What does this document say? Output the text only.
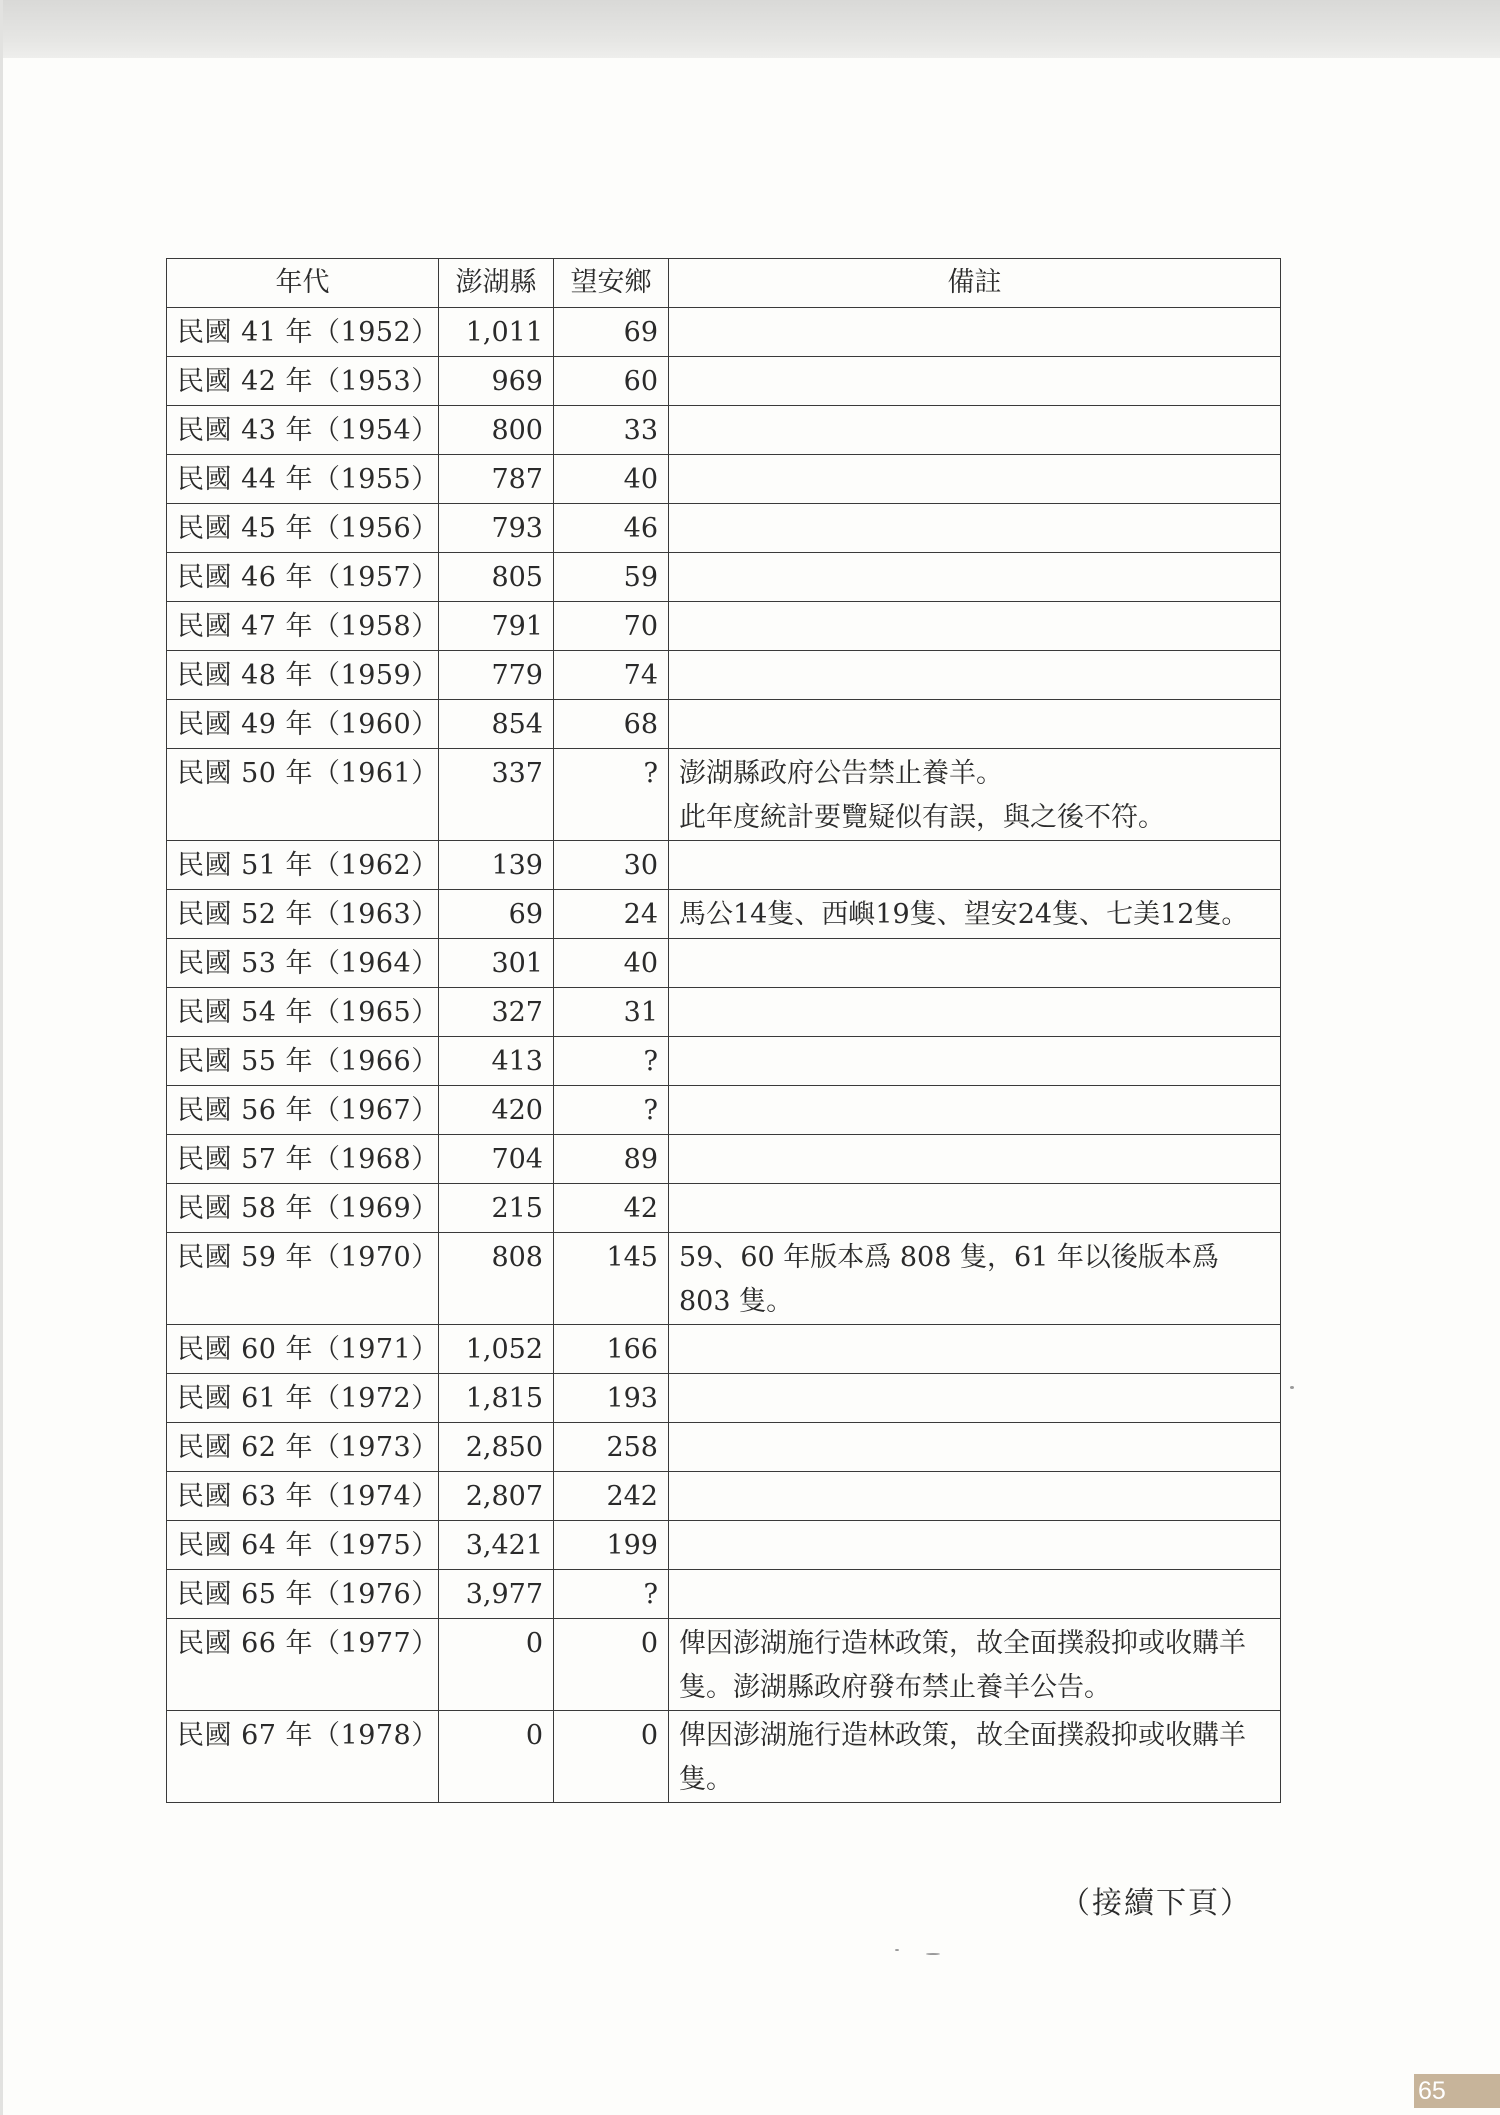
年代	澎湖縣	望安鄉	備註
民國 41 年（1952）	1,011	69	
民國 42 年（1953）	969	60	
民國 43 年（1954）	800	33	
民國 44 年（1955）	787	40	
民國 45 年（1956）	793	46	
民國 46 年（1957）	805	59	
民國 47 年（1958）	791	70	
民國 48 年（1959）	779	74	
民國 49 年（1960）	854	68	
民國 50 年（1961）	337	?	澎湖縣政府公告禁止養羊。
此年度統計要覽疑似有誤，與之後不符。
民國 51 年（1962）	139	30	
民國 52 年（1963）	69	24	馬公14隻、西嶼19隻、望安24隻、七美12隻。
民國 53 年（1964）	301	40	
民國 54 年（1965）	327	31	
民國 55 年（1966）	413	?	
民國 56 年（1967）	420	?	
民國 57 年（1968）	704	89	
民國 58 年（1969）	215	42	
民國 59 年（1970）	808	145	59、60 年版本爲 808 隻，61 年以後版本爲 803 隻。
民國 60 年（1971）	1,052	166	
民國 61 年（1972）	1,815	193	
民國 62 年（1973）	2,850	258	
民國 63 年（1974）	2,807	242	
民國 64 年（1975）	3,421	199	
民國 65 年（1976）	3,977	?	
民國 66 年（1977）	0	0	俾因澎湖施行造林政策，故全面撲殺抑或收購羊隻。澎湖縣政府發布禁止養羊公告。
民國 67 年（1978）	0	0	俾因澎湖施行造林政策，故全面撲殺抑或收購羊隻。
（接續下頁）
65
